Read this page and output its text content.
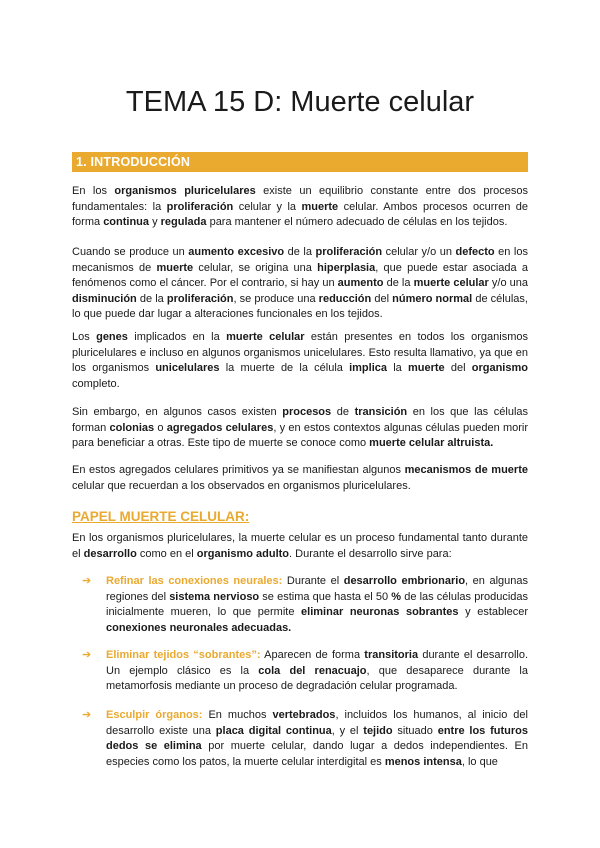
TEMA 15 D: Muerte celular
1. INTRODUCCIÓN

En los organismos pluricelulares existe un equilibrio constante entre dos procesos fundamentales: la proliferación celular y la muerte celular. Ambos procesos ocurren de forma continua y regulada para mantener el número adecuado de células en los tejidos.

Cuando se produce un aumento excesivo de la proliferación celular y/o un defecto en los mecanismos de muerte celular, se origina una hiperplasia, que puede estar asociada a fenómenos como el cáncer. Por el contrario, si hay un aumento de la muerte celular y/o una disminución de la proliferación, se produce una reducción del número normal de células, lo que puede dar lugar a alteraciones funcionales en los tejidos.

Los genes implicados en la muerte celular están presentes en todos los organismos pluricelulares e incluso en algunos organismos unicelulares. Esto resulta llamativo, ya que en los organismos unicelulares la muerte de la célula implica la muerte del organismo completo.

Sin embargo, en algunos casos existen procesos de transición en los que las células forman colonias o agregados celulares, y en estos contextos algunas células pueden morir para beneficiar a otras. Este tipo de muerte se conoce como muerte celular altruista.

En estos agregados celulares primitivos ya se manifiestan algunos mecanismos de muerte celular que recuerdan a los observados en organismos pluricelulares.

PAPEL MUERTE CELULAR:

En los organismos pluricelulares, la muerte celular es un proceso fundamental tanto durante el desarrollo como en el organismo adulto. Durante el desarrollo sirve para:

➔ Refinar las conexiones neurales: Durante el desarrollo embrionario, en algunas regiones del sistema nervioso se estima que hasta el 50 % de las células producidas inicialmente mueren, lo que permite eliminar neuronas sobrantes y establecer conexiones neuronales adecuadas.

➔ Eliminar tejidos “sobrantes”: Aparecen de forma transitoria durante el desarrollo. Un ejemplo clásico es la cola del renacuajo, que desaparece durante la metamorfosis mediante un proceso de degradación celular programada.

➔ Esculpir órganos: En muchos vertebrados, incluidos los humanos, al inicio del desarrollo existe una placa digital continua, y el tejido situado entre los futuros dedos se elimina por muerte celular, dando lugar a dedos independientes. En especies como los patos, la muerte celular interdigital es menos intensa, lo que
